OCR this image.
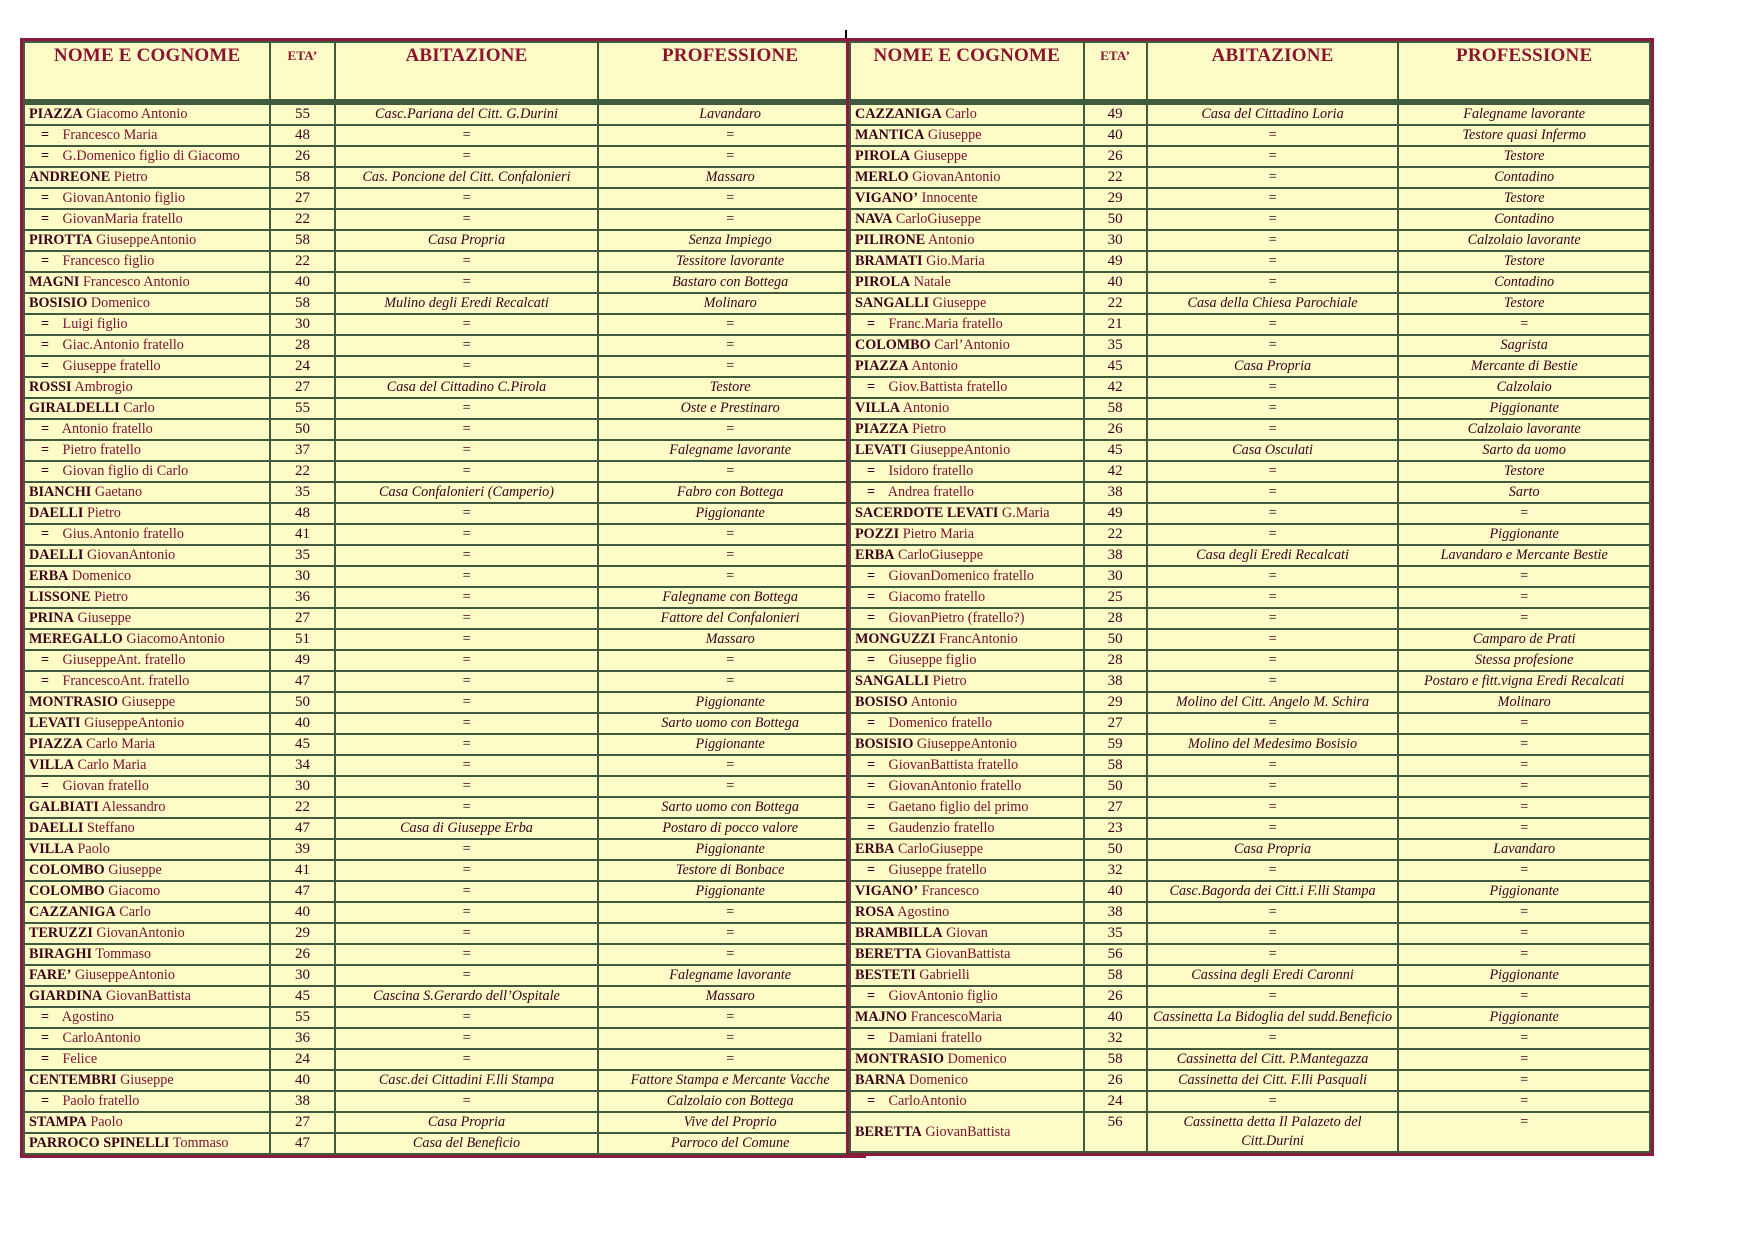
NOME E COGNOME	ETA’	ABITAZIONE	PROFESSIONE
PIAZZA Giacomo Antonio	55	Casc.Pariana del Citt. G.Durini	Lavandaro
= Francesco Maria	48	=	=
= G.Domenico figlio di Giacomo	26	=	=
ANDREONE Pietro	58	Cas. Poncione del Citt. Confalonieri	Massaro
= GiovanAntonio figlio	27	=	=
= GiovanMaria fratello	22	=	=
PIROTTA GiuseppeAntonio	58	Casa Propria	Senza Impiego
= Francesco figlio	22	=	Tessitore lavorante
MAGNI Francesco Antonio	40	=	Bastaro con Bottega
BOSISIO Domenico	58	Mulino degli Eredi Recalcati	Molinaro
= Luigi figlio	30	=	=
= Giac.Antonio fratello	28	=	=
= Giuseppe fratello	24	=	=
ROSSI Ambrogio	27	Casa del Cittadino C.Pirola	Testore
GIRALDELLI Carlo	55	=	Oste e Prestinaro
= Antonio fratello	50	=	=
= Pietro fratello	37	=	Falegname lavorante
= Giovan figlio di Carlo	22	=	=
BIANCHI Gaetano	35	Casa Confalonieri (Camperio)	Fabro con Bottega
DAELLI Pietro	48	=	Piggionante
= Gius.Antonio fratello	41	=	=
DAELLI GiovanAntonio	35	=	=
ERBA Domenico	30	=	=
LISSONE Pietro	36	=	Falegname con Bottega
PRINA Giuseppe	27	=	Fattore del Confalonieri
MEREGALLO GiacomoAntonio	51	=	Massaro
= GiuseppeAnt. fratello	49	=	=
= FrancescoAnt. fratello	47	=	=
MONTRASIO Giuseppe	50	=	Piggionante
LEVATI GiuseppeAntonio	40	=	Sarto uomo con Bottega
PIAZZA Carlo Maria	45	=	Piggionante
VILLA Carlo Maria	34	=	=
= Giovan fratello	30	=	=
GALBIATI Alessandro	22	=	Sarto uomo con Bottega
DAELLI Steffano	47	Casa di Giuseppe Erba	Postaro di pocco valore
VILLA Paolo	39	=	Piggionante
COLOMBO Giuseppe	41	=	Testore di Bonbace
COLOMBO Giacomo	47	=	Piggionante
CAZZANIGA Carlo	40	=	=
TERUZZI GiovanAntonio	29	=	=
BIRAGHI Tommaso	26	=	=
FARE’ GiuseppeAntonio	30	=	Falegname lavorante
GIARDINA GiovanBattista	45	Cascina S.Gerardo dell’Ospitale	Massaro
= Agostino	55	=	=
= CarloAntonio	36	=	=
= Felice	24	=	=
CENTEMBRI Giuseppe	40	Casc.dei Cittadini F.lli Stampa	Fattore Stampa e Mercante Vacche
= Paolo fratello	38	=	Calzolaio con Bottega
STAMPA Paolo	27	Casa Propria	Vive del Proprio
PARROCO SPINELLI Tommaso	47	Casa del Beneficio	Parroco del Comune
NOME E COGNOME	ETA’	ABITAZIONE	PROFESSIONE
CAZZANIGA Carlo	49	Casa del Cittadino Loria	Falegname lavorante
MANTICA Giuseppe	40	=	Testore quasi Infermo
PIROLA Giuseppe	26	=	Testore
MERLO GiovanAntonio	22	=	Contadino
VIGANO’ Innocente	29	=	Testore
NAVA CarloGiuseppe	50	=	Contadino
PILIRONE Antonio	30	=	Calzolaio lavorante
BRAMATI Gio.Maria	49	=	Testore
PIROLA Natale	40	=	Contadino
SANGALLI Giuseppe	22	Casa della Chiesa Parochiale	Testore
= Franc.Maria fratello	21	=	=
COLOMBO Carl’Antonio	35	=	Sagrista
PIAZZA Antonio	45	Casa Propria	Mercante di Bestie
= Giov.Battista fratello	42	=	Calzolaio
VILLA Antonio	58	=	Piggionante
PIAZZA Pietro	26	=	Calzolaio lavorante
LEVATI GiuseppeAntonio	45	Casa Osculati	Sarto da uomo
= Isidoro fratello	42	=	Testore
= Andrea fratello	38	=	Sarto
SACERDOTE LEVATI G.Maria	49	=	=
POZZI Pietro Maria	22	=	Piggionante
ERBA CarloGiuseppe	38	Casa degli Eredi Recalcati	Lavandaro e Mercante Bestie
= GiovanDomenico fratello	30	=	=
= Giacomo fratello	25	=	=
= GiovanPietro (fratello?)	28	=	=
MONGUZZI FrancAntonio	50	=	Camparo de Prati
= Giuseppe figlio	28	=	Stessa profesione
SANGALLI Pietro	38	=	Postaro e fitt.vigna Eredi Recalcati
BOSISO Antonio	29	Molino del Citt. Angelo M. Schira	Molinaro
= Domenico fratello	27	=	=
BOSISIO GiuseppeAntonio	59	Molino del Medesimo Bosisio	=
= GiovanBattista fratello	58	=	=
= GiovanAntonio fratello	50	=	=
= Gaetano figlio del primo	27	=	=
= Gaudenzio fratello	23	=	=
ERBA CarloGiuseppe	50	Casa Propria	Lavandaro
= Giuseppe fratello	32	=	=
VIGANO’ Francesco	40	Casc.Bagorda dei Citt.i F.lli Stampa	Piggionante
ROSA Agostino	38	=	=
BRAMBILLA Giovan	35	=	=
BERETTA GiovanBattista	56	=	=
BESTETI Gabrielli	58	Cassina degli Eredi Caronni	Piggionante
= GiovAntonio figlio	26	=	=
MAJNO FrancescoMaria	40	Cassinetta La Bidoglia del sudd.Beneficio	Piggionante
= Damiani fratello	32	=	=
MONTRASIO Domenico	58	Cassinetta del Citt. P.Mantegazza	=
BARNA Domenico	26	Cassinetta dei Citt. F.lli Pasquali	=
= CarloAntonio	24	=	=
BERETTA GiovanBattista	56	Cassinetta detta Il Palazeto del Citt.Durini	=
